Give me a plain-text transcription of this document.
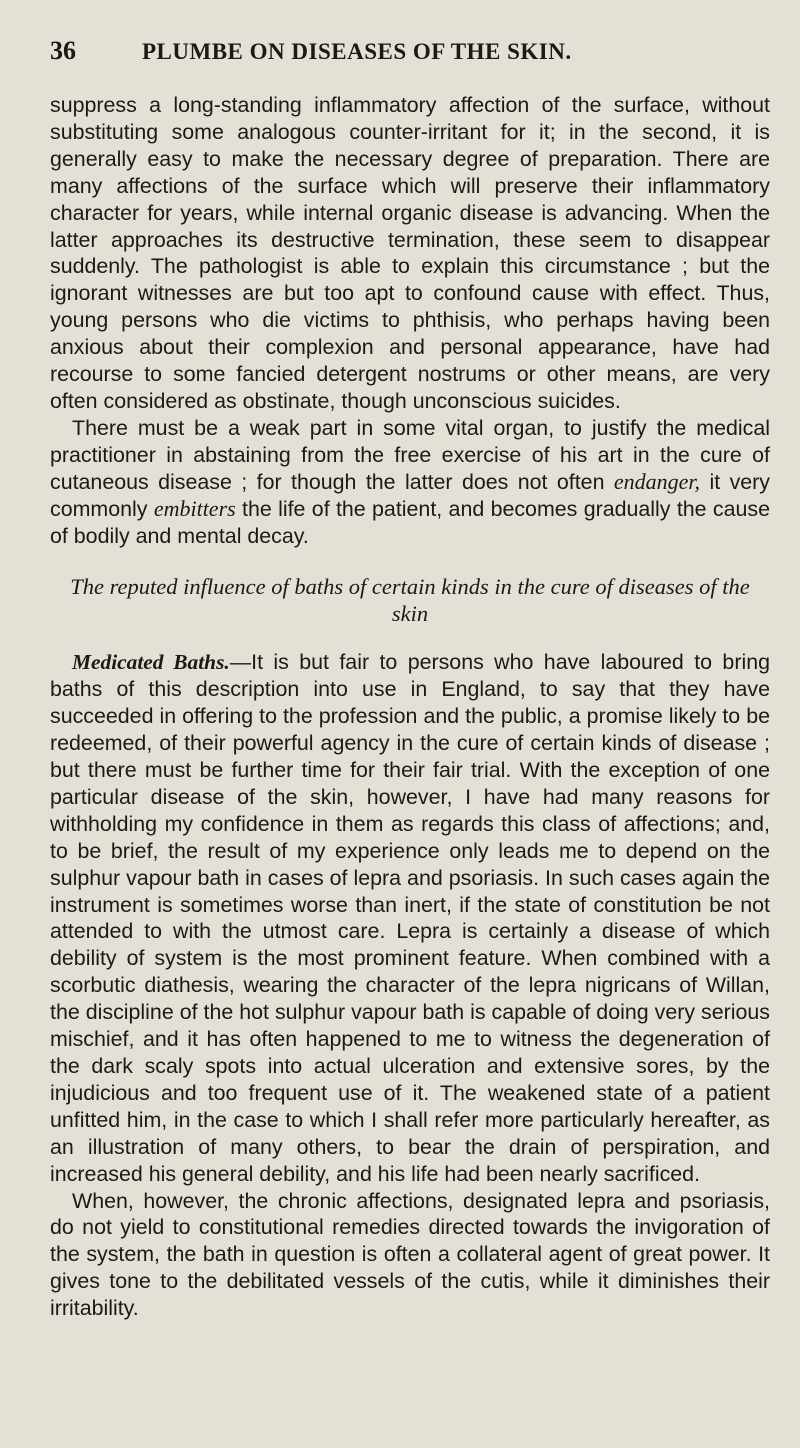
36	PLUMBE ON DISEASES OF THE SKIN.

suppress a long-standing inflammatory affection of the surface, without substituting some analogous counter-irritant for it; in the second, it is generally easy to make the necessary degree of preparation. There are many affections of the surface which will preserve their inflammatory character for years, while internal organic disease is advancing. When the latter approaches its destructive termination, these seem to disappear suddenly. The pathologist is able to explain this circumstance ; but the ignorant witnesses are but too apt to confound cause with effect. Thus, young persons who die victims to phthisis, who perhaps having been anxious about their complexion and personal appearance, have had recourse to some fancied detergent nostrums or other means, are very often considered as obstinate, though unconscious suicides.

There must be a weak part in some vital organ, to justify the medical practitioner in abstaining from the free exercise of his art in the cure of cutaneous disease ; for though the latter does not often endanger, it very commonly embitters the life of the patient, and becomes gradually the cause of bodily and mental decay.

The reputed influence of baths of certain kinds in the cure of diseases of the skin

Medicated Baths.—It is but fair to persons who have laboured to bring baths of this description into use in England, to say that they have succeeded in offering to the profession and the public, a promise likely to be redeemed, of their powerful agency in the cure of certain kinds of disease ; but there must be further time for their fair trial. With the exception of one particular disease of the skin, however, I have had many reasons for withholding my confidence in them as regards this class of affections; and, to be brief, the result of my experience only leads me to depend on the sulphur vapour bath in cases of lepra and psoriasis. In such cases again the instrument is sometimes worse than inert, if the state of constitution be not attended to with the utmost care. Lepra is certainly a disease of which debility of system is the most prominent feature. When combined with a scorbutic diathesis, wearing the character of the lepra nigricans of Willan, the discipline of the hot sulphur vapour bath is capable of doing very serious mischief, and it has often happened to me to witness the degeneration of the dark scaly spots into actual ulceration and extensive sores, by the injudicious and too frequent use of it. The weakened state of a patient unfitted him, in the case to which I shall refer more particularly hereafter, as an illustration of many others, to bear the drain of perspiration, and increased his general debility, and his life had been nearly sacrificed.

When, however, the chronic affections, designated lepra and psoriasis, do not yield to constitutional remedies directed towards the invigoration of the system, the bath in question is often a collateral agent of great power. It gives tone to the debilitated vessels of the cutis, while it diminishes their irritability.
